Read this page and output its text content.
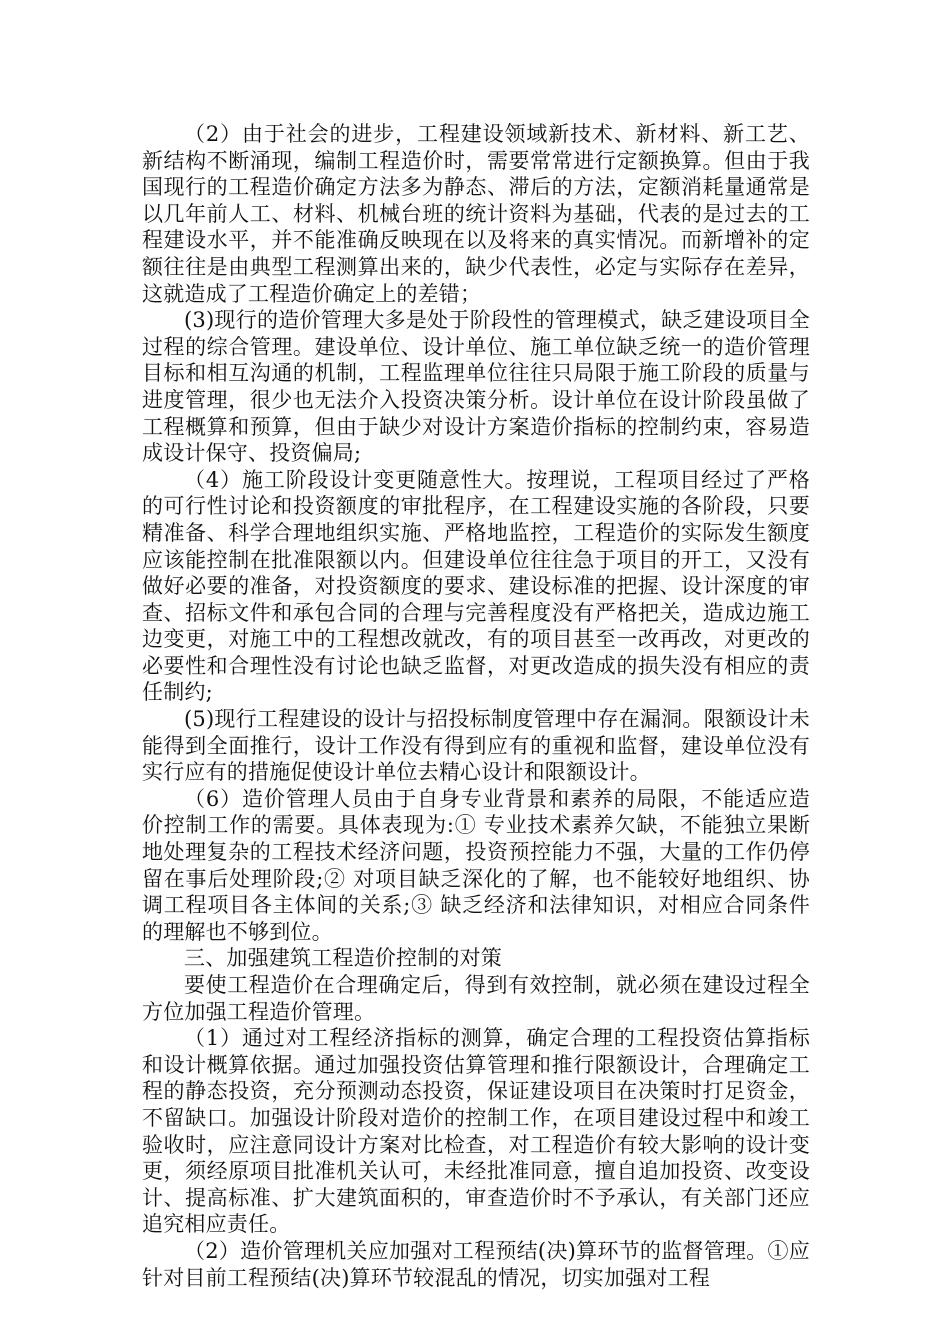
（2）由于社会的进步，工程建设领域新技术、新材料、新工艺、新结构不断涌现，编制工程造价时，需要常常进行定额换算。但由于我国现行的工程造价确定方法多为静态、滞后的方法，定额消耗量通常是以几年前人工、材料、机械台班的统计资料为基础，代表的是过去的工程建设水平，并不能准确反映现在以及将来的真实情况。而新增补的定额往往是由典型工程测算出来的，缺少代表性，必定与实际存在差异，这就造成了工程造价确定上的差错；

(3)现行的造价管理大多是处于阶段性的管理模式，缺乏建设项目全过程的综合管理。建设单位、设计单位、施工单位缺乏统一的造价管理目标和相互沟通的机制，工程监理单位往往只局限于施工阶段的质量与进度管理，很少也无法介入投资决策分析。设计单位在设计阶段虽做了工程概算和预算，但由于缺少对设计方案造价指标的控制约束，容易造成设计保守、投资偏局;

（4）施工阶段设计变更随意性大。按理说，工程项目经过了严格的可行性讨论和投资额度的审批程序，在工程建设实施的各阶段，只要精准备、科学合理地组织实施、严格地监控，工程造价的实际发生额度应该能控制在批准限额以内。但建设单位往往急于项目的开工，又没有做好必要的准备，对投资额度的要求、建设标准的把握、设计深度的审查、招标文件和承包合同的合理与完善程度没有严格把关，造成边施工边变更，对施工中的工程想改就改，有的项目甚至一改再改，对更改的必要性和合理性没有讨论也缺乏监督，对更改造成的损失没有相应的责任制约;

(5)现行工程建设的设计与招投标制度管理中存在漏洞。限额设计未能得到全面推行，设计工作没有得到应有的重视和监督，建设单位没有实行应有的措施促使设计单位去精心设计和限额设计。

（6）造价管理人员由于自身专业背景和素养的局限，不能适应造价控制工作的需要。具体表现为:① 专业技术素养欠缺，不能独立果断地处理复杂的工程技术经济问题，投资预控能力不强，大量的工作仍停留在事后处理阶段;② 对项目缺乏深化的了解，也不能较好地组织、协调工程项目各主体间的关系;③ 缺乏经济和法律知识，对相应合同条件的理解也不够到位。

三、加强建筑工程造价控制的对策

要使工程造价在合理确定后，得到有效控制，就必须在建设过程全方位加强工程造价管理。

（1）通过对工程经济指标的测算，确定合理的工程投资估算指标和设计概算依据。通过加强投资估算管理和推行限额设计，合理确定工程的静态投资，充分预测动态投资，保证建设项目在决策时打足资金，不留缺口。加强设计阶段对造价的控制工作，在项目建设过程中和竣工验收时，应注意同设计方案对比检查，对工程造价有较大影响的设计变更，须经原项目批准机关认可，未经批准同意，擅自追加投资、改变设计、提高标准、扩大建筑面积的，审查造价时不予承认，有关部门还应追究相应责任。

（2）造价管理机关应加强对工程预结(决)算环节的监督管理。①应针对目前工程预结(决)算环节较混乱的情况，切实加强对工程
